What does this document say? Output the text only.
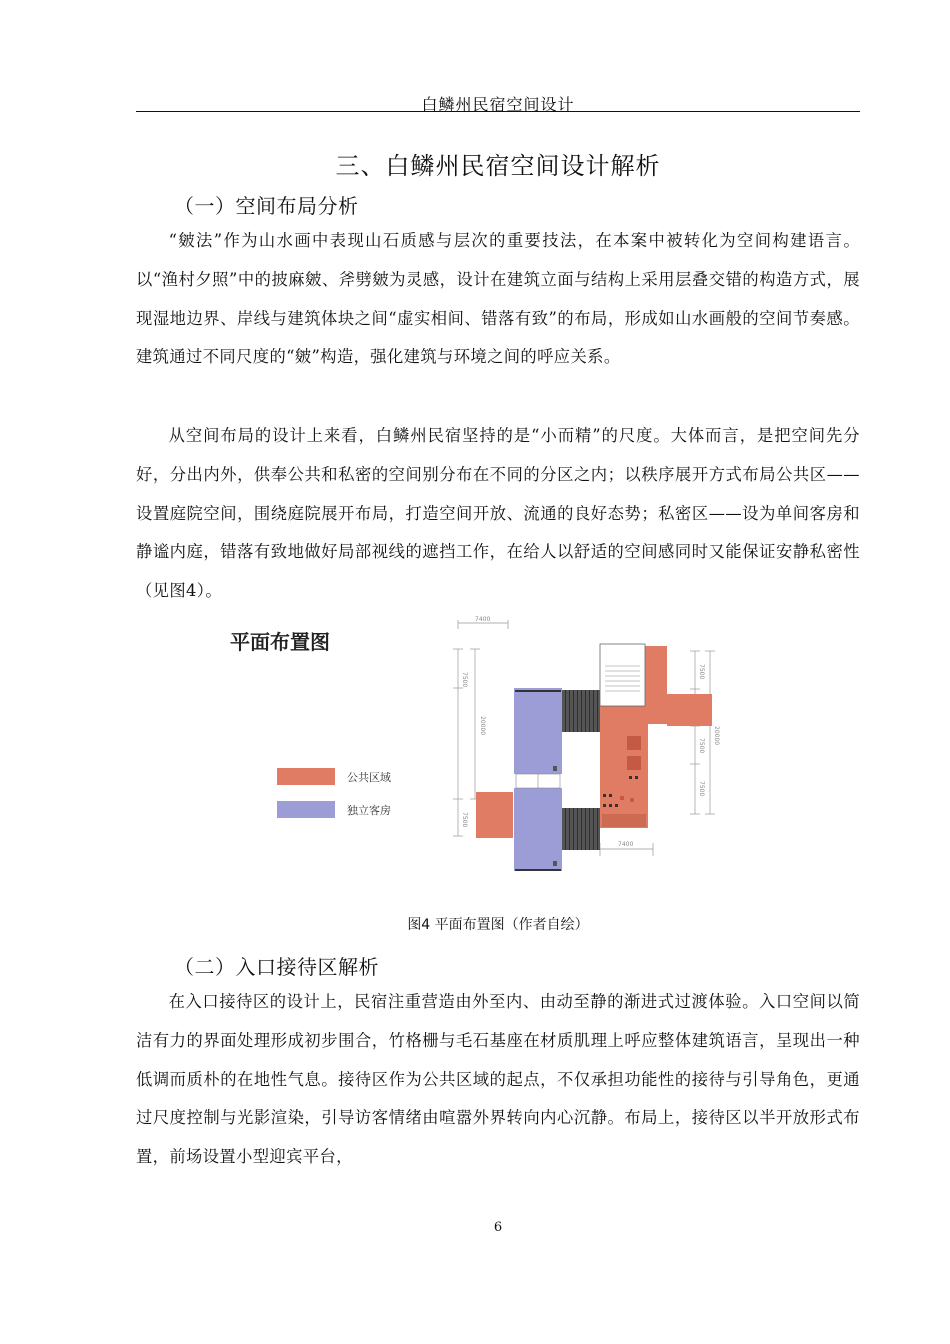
白鳞州民宿空间设计
三、白鳞州民宿空间设计解析
（一）空间布局分析

“皴法”作为山水画中表现山石质感与层次的重要技法，在本案中被转化为空间构建语言。以“渔村夕照”中的披麻皴、斧劈皴为灵感，设计在建筑立面与结构上采用层叠交错的构造方式，展现湿地边界、岸线与建筑体块之间“虚实相间、错落有致”的布局，形成如山水画般的空间节奏感。建筑通过不同尺度的“皴”构造，强化建筑与环境之间的呼应关系。

从空间布局的设计上来看，白鳞州民宿坚持的是“小而精”的尺度。大体而言，是把空间先分好，分出内外，供奉公共和私密的空间别分布在不同的分区之内；以秩序展开方式布局公共区——设置庭院空间，围绕庭院展开布局，打造空间开放、流通的良好态势；私密区——设为单间客房和静谧内庭，错落有致地做好局部视线的遮挡工作，在给人以舒适的空间感同时又能保证安静私密性（见图4）。

平面布置图
公共区域
独立客房
7400
7400
7500
20000
7500
7500
20000
7500
7500
图4 平面布置图（作者自绘）
（二）入口接待区解析

在入口接待区的设计上，民宿注重营造由外至内、由动至静的渐进式过渡体验。入口空间以简洁有力的界面处理形成初步围合，竹格栅与毛石基座在材质肌理上呼应整体建筑语言，呈现出一种低调而质朴的在地性气息。接待区作为公共区域的起点，不仅承担功能性的接待与引导角色，更通过尺度控制与光影渲染，引导访客情绪由喧嚣外界转向内心沉静。布局上，接待区以半开放形式布置，前场设置小型迎宾平台，

6
